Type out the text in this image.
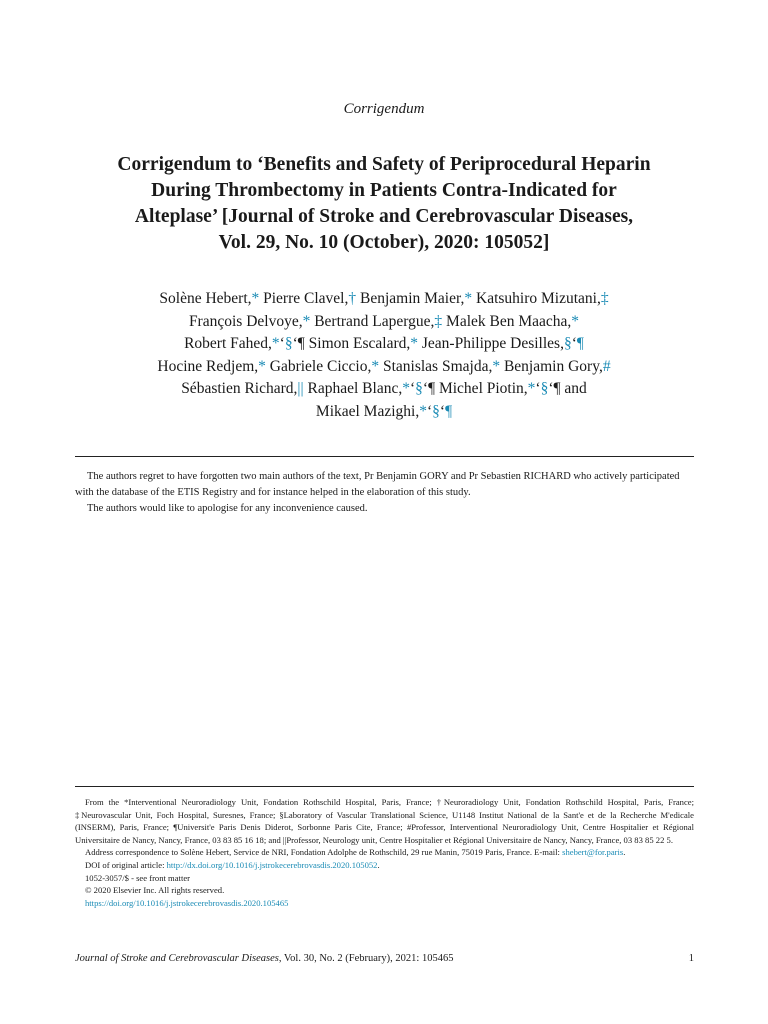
Corrigendum
Corrigendum to ‘Benefits and Safety of Periprocedural Heparin
During Thrombectomy in Patients Contra-Indicated for
Alteplase’ [Journal of Stroke and Cerebrovascular Diseases,
Vol. 29, No. 10 (October), 2020: 105052]
Solène Hebert,* Pierre Clavel,† Benjamin Maier,* Katsuhiro Mizutani,‡
François Delvoye,* Bertrand Lapergue,‡ Malek Ben Maacha,*
Robert Fahed,*‘§‘¶ Simon Escalard,* Jean-Philippe Desilles,§‘¶
Hocine Redjem,* Gabriele Ciccio,* Stanislas Smajda,* Benjamin Gory,#
Sébastien Richard,|| Raphael Blanc,*‘§‘¶ Michel Piotin,*‘§‘¶ and
Mikael Mazighi,*‘§‘¶

The authors regret to have forgotten two main authors of the text, Pr Benjamin GORY and Pr Sebastien RICHARD who actively participated with the database of the ETIS Registry and for instance helped in the elaboration of this study.

The authors would like to apologise for any inconvenience caused.

From the *Interventional Neuroradiology Unit, Fondation Rothschild Hospital, Paris, France; †Neuroradiology Unit, Fondation Rothschild Hospital, Paris, France; ‡Neurovascular Unit, Foch Hospital, Suresnes, France; §Laboratory of Vascular Translational Science, U1148 Institut National de la Sant'e et de la Recherche M'edicale (INSERM), Paris, France; ¶Universit'e Paris Denis Diderot, Sorbonne Paris Cite, France; #Professor, Interventional Neuroradiology Unit, Centre Hospitalier et Régional Universitaire de Nancy, Nancy, France, 03 83 85 16 18; and ||Professor, Neurology unit, Centre Hospitalier et Régional Universitaire de Nancy, Nancy, France, 03 83 85 22 5.

Address correspondence to Solène Hebert, Service de NRI, Fondation Adolphe de Rothschild, 29 rue Manin, 75019 Paris, France. E-mail: shebert@for.paris.

DOI of original article: http://dx.doi.org/10.1016/j.jstrokecerebrovasdis.2020.105052.

1052-3057/$ - see front matter

© 2020 Elsevier Inc. All rights reserved.

https://doi.org/10.1016/j.jstrokecerebrovasdis.2020.105465

Journal of Stroke and Cerebrovascular Diseases, Vol. 30, No. 2 (February), 2021: 105465	1
